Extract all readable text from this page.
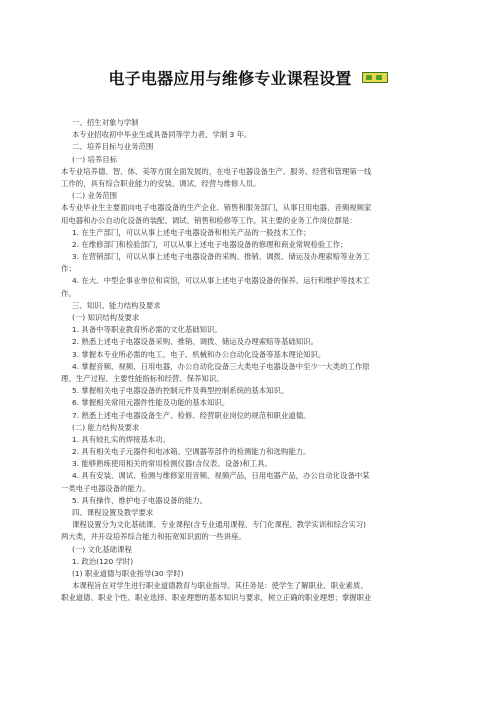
电子电器应用与维修专业课程设置
一、招生对象与学制
本专业招收初中毕业生或具备同等学力者，学制 3 年。
二、培养目标与业务范围
(一) 培养目标
本专业培养德、智、体、美等方面全面发展的，在电子电器设备生产、服务、经营和管理第一线
工作的，具有综合职业能力的安装、调试、经营与维修人员。
(二) 业务范围
本专业毕业生主要面向电子电器设备的生产企业、销售和服务部门，从事日用电器、音频视频家
用电器和办公自动化设备的装配、调试、销售和检修等工作。其主要的业务工作岗位群是：
1. 在生产部门，可以从事上述电子电器设备和相关产品的一般技术工作；
2. 在维修部门和检验部门，可以从事上述电子电器设备的修理和商业常规检验工作；
3. 在营销部门，可以从事上述电子电器设备的采购、推销、调拨、储运及办理索赔等业务工
作；
4. 在大、中型企事业单位和宾馆，可以从事上述电子电器设备的保养、运行和维护等技术工
作。
三、知识、能力结构及要求
(一) 知识结构及要求
1. 具备中等职业教育所必需的文化基础知识。
2. 熟悉上述电子电器设备采购、推销、调拨、储运及办理索赔等基础知识。
3. 掌握本专业所必需的电工、电子、机械和办公自动化设备等基本理论知识。
4. 掌握音频、视频、日用电器，办公自动化设备三大类电子电器设备中至少一大类的工作原
理、生产过程、主要性能指标和经营、保养知识。
5. 掌握相关电子电器设备的控制元件及典型控制系统的基本知识。
6. 掌握相关常用元器件性能及功能的基本知识。
7. 熟悉上述电子电器设备生产、检修、经营职业岗位的规范和职业道德。
(二) 能力结构及要求
1. 具有较扎实的焊接基本功。
2. 具有相关电子元器件和电冰箱、空调器等部件的检测能力和选购能力。
3. 能够熟练使用相关的常用检测仪器(含仪表、设备)和工具。
4. 具有安装、调试、检测与维修家用音频、视频产品，日用电器产品，办公自动化设备中某
一类电子电器设备的能力。
5. 具有操作、维护电子电器设备的能力。
四、课程设置及教学要求
课程设置分为文化基础课、专业课程(含专业通用课程、专门化课程、教学实训和综合实习)
两大类，并开设培养综合能力和拓宽知识面的一些讲座。
(一) 文化基础课程
1. 政治(120 学时)
(1) 职业道德与职业指导(30 学时)
本课程旨在对学生进行职业道德教育与职业指导。其任务是：使学生了解职业、职业素质、
职业道德、职业个性、职业选择、职业理想的基本知识与要求，树立正确的职业理想；掌握职业
